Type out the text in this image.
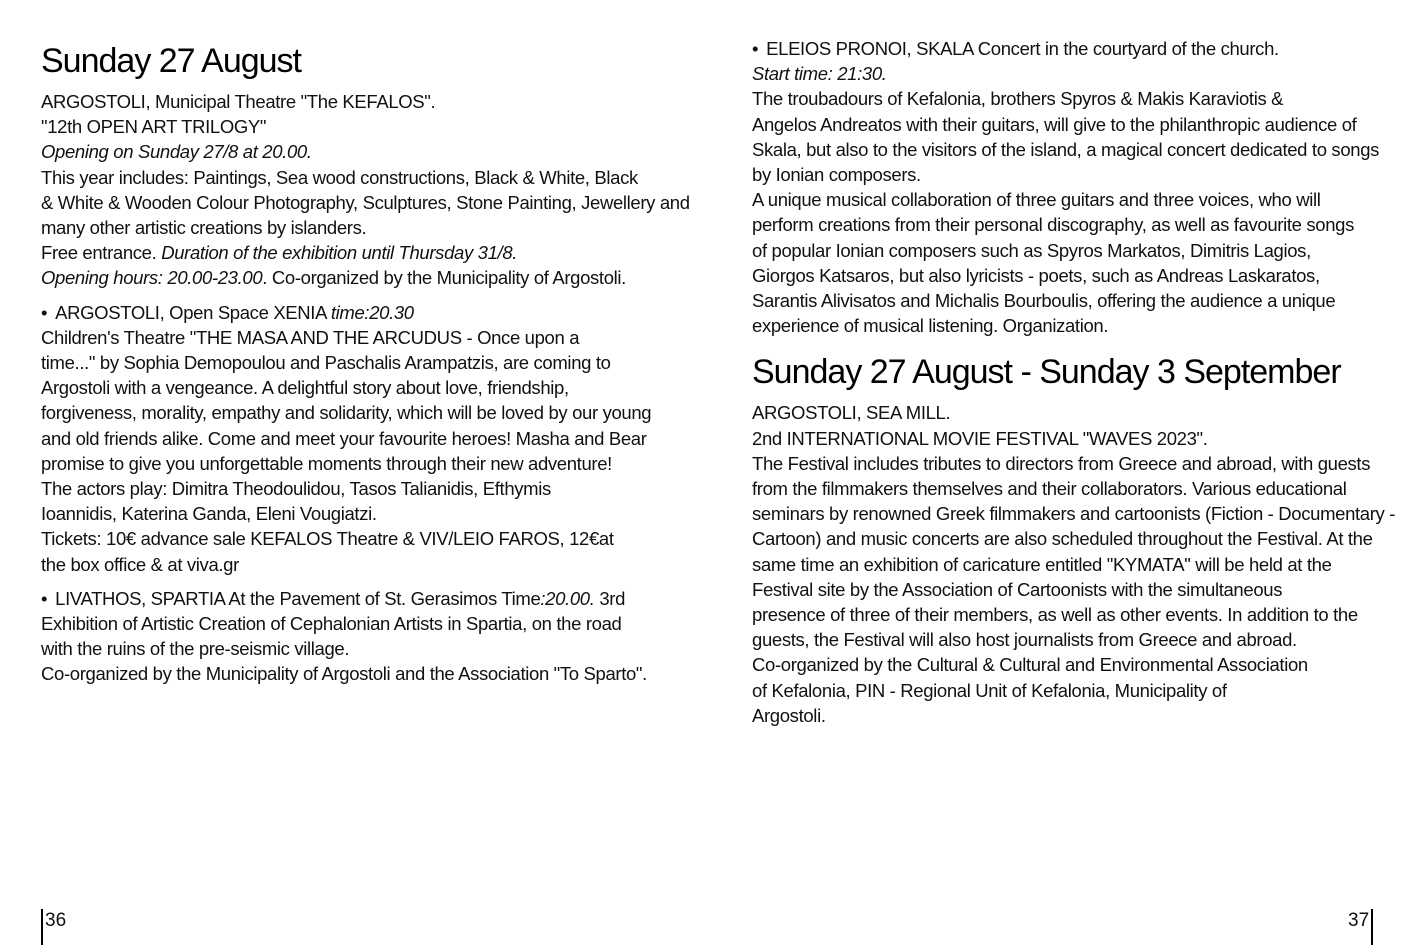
Sunday 27 August
ARGOSTOLI, Municipal Theatre "The KEFALOS".
"12th OPEN ART TRILOGY"
Opening on Sunday 27/8 at 20.00.
This year includes: Paintings, Sea wood constructions, Black & White, Black
& White & Wooden Colour Photography, Sculptures, Stone Painting, Jewellery and
many other artistic creations by islanders.
Free entrance. Duration of the exhibition until Thursday 31/8.
Opening hours: 20.00-23.00. Co-organized by the Municipality of Argostoli.
• ARGOSTOLI, Open Space XENIA time:20.30
Children's Theatre "THE MASA AND THE ARCUDUS - Once upon a
time..." by Sophia Demopoulou and Paschalis Arampatzis, are coming to
Argostoli with a vengeance. A delightful story about love, friendship,
forgiveness, morality, empathy and solidarity, which will be loved by our young
and old friends alike. Come and meet your favourite heroes! Masha and Bear
promise to give you unforgettable moments through their new adventure!
The actors play: Dimitra Theodoulidou, Tasos Talianidis, Efthymis
Ioannidis, Katerina Ganda, Eleni Vougiatzi.
Tickets: 10€ advance sale KEFALOS Theatre & VIV/LEIO FAROS, 12€at
the box office & at viva.gr
• LIVATHOS, SPARTIA At the Pavement of St. Gerasimos Time:20.00. 3rd
Exhibition of Artistic Creation of Cephalonian Artists in Spartia, on the road
with the ruins of the pre-seismic village.
Co-organized by the Municipality of Argostoli and the Association "To Sparto".
• ELEIOS PRONOI, SKALA Concert in the courtyard of the church.
Start time: 21:30.
The troubadours of Kefalonia, brothers Spyros & Makis Karaviotis &
Angelos Andreatos with their guitars, will give to the philanthropic audience of
Skala, but also to the visitors of the island, a magical concert dedicated to songs
by Ionian composers.
A unique musical collaboration of three guitars and three voices, who will
perform creations from their personal discography, as well as favourite songs
of popular Ionian composers such as Spyros Markatos, Dimitris Lagios,
Giorgos Katsaros, but also lyricists - poets, such as Andreas Laskaratos,
Sarantis Alivisatos and Michalis Bourboulis, offering the audience a unique
experience of musical listening. Organization.
Sunday 27 August - Sunday 3 September
ARGOSTOLI, SEA MILL.
2nd INTERNATIONAL MOVIE FESTIVAL "WAVES 2023".
The Festival includes tributes to directors from Greece and abroad, with guests
from the filmmakers themselves and their collaborators. Various educational
seminars by renowned Greek filmmakers and cartoonists (Fiction - Documentary -
Cartoon) and music concerts are also scheduled throughout the Festival. At the
same time an exhibition of caricature entitled "KYMATA" will be held at the
Festival site by the Association of Cartoonists with the simultaneous
presence of three of their members, as well as other events. In addition to the
guests, the Festival will also host journalists from Greece and abroad.
Co-organized by the Cultural & Cultural and Environmental Association
of Kefalonia, PIN - Regional Unit of Kefalonia, Municipality of
Argostoli.
36	37
